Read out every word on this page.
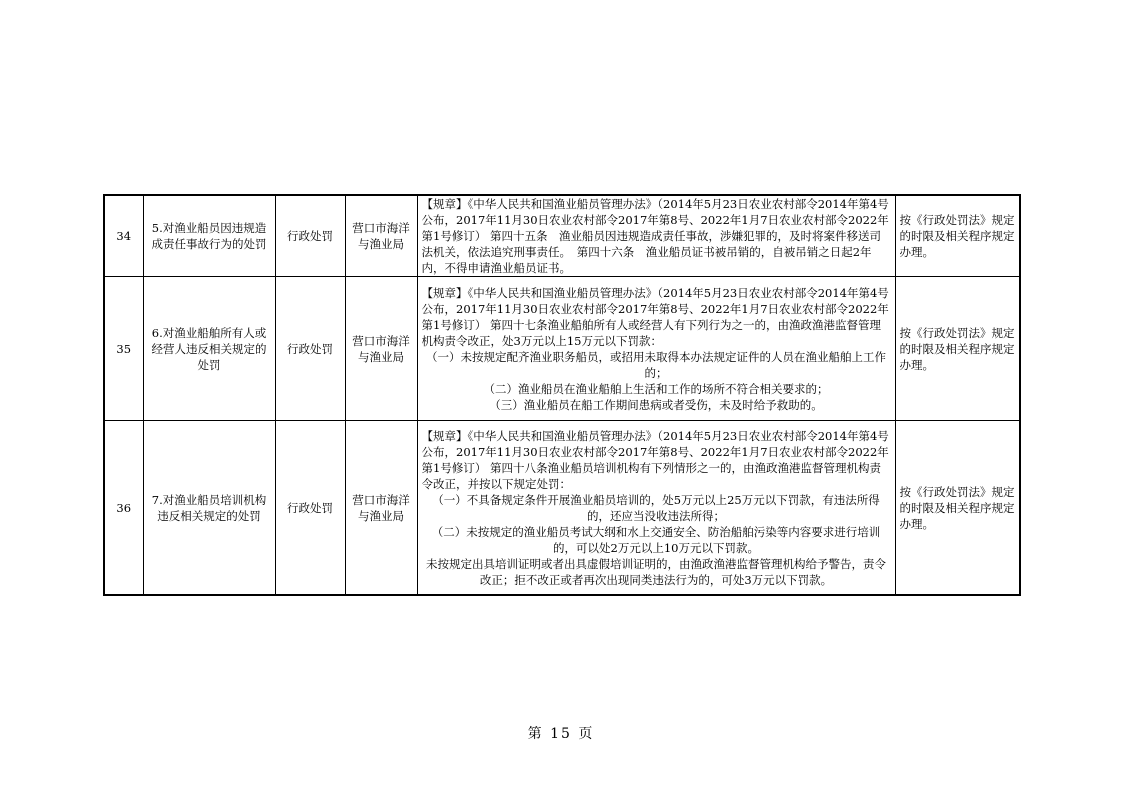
34	5.对渔业船员因违规造成责任事故行为的处罚	行政处罚	营口市海洋与渔业局	【规章】《中华人民共和国渔业船员管理办法》（2014年5月23日农业农村部令2014年第4号公布，2017年11月30日农业农村部令2017年第8号、2022年1月7日农业农村部令2022年第1号修订） 第四十五条　渔业船员因违规造成责任事故，涉嫌犯罪的，及时将案件移送司法机关，依法追究刑事责任。　第四十六条　渔业船员证书被吊销的，自被吊销之日起2年内，不得申请渔业船员证书。	按《行政处罚法》规定的时限及相关程序规定办理。
35	6.对渔业船舶所有人或经营人违反相关规定的处罚	行政处罚	营口市海洋与渔业局	【规章】《中华人民共和国渔业船员管理办法》（2014年5月23日农业农村部令2014年第4号公布，2017年11月30日农业农村部令2017年第8号、2022年1月7日农业农村部令2022年第1号修订） 第四十七条渔业船舶所有人或经营人有下列行为之一的，由渔政渔港监督管理机构责令改正，处3万元以上15万元以下罚款：
（一）未按规定配齐渔业职务船员，或招用未取得本办法规定证件的人员在渔业船舶上工作的；
（二）渔业船员在渔业船舶上生活和工作的场所不符合相关要求的；
（三）渔业船员在船工作期间患病或者受伤，未及时给予救助的。	按《行政处罚法》规定的时限及相关程序规定办理。
36	7.对渔业船员培训机构违反相关规定的处罚	行政处罚	营口市海洋与渔业局	【规章】《中华人民共和国渔业船员管理办法》（2014年5月23日农业农村部令2014年第4号公布，2017年11月30日农业农村部令2017年第8号、2022年1月7日农业农村部令2022年第1号修订） 第四十八条渔业船员培训机构有下列情形之一的，由渔政渔港监督管理机构责令改正，并按以下规定处罚：
（一）不具备规定条件开展渔业船员培训的，处5万元以上25万元以下罚款，有违法所得的，还应当没收违法所得；
（二）未按规定的渔业船员考试大纲和水上交通安全、防治船舶污染等内容要求进行培训的，可以处2万元以上10万元以下罚款。
未按规定出具培训证明或者出具虚假培训证明的，由渔政渔港监督管理机构给予警告，责令改正；拒不改正或者再次出现同类违法行为的，可处3万元以下罚款。	按《行政处罚法》规定的时限及相关程序规定办理。
第 15 页
